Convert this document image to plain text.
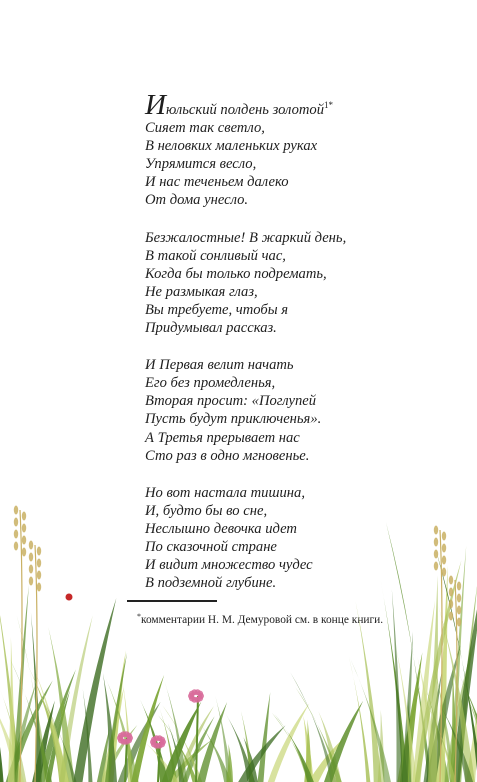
Июльский полдень золотой$^{1*}$
Сияет так светло,
В неловких маленьких руках
Упрямится весло,
И нас теченьем далеко
От дома унесло.
Безжалостные! В жаркий день,
В такой сонливый час,
Когда бы только подремать,
Не размыкая глаз,
Вы требуете, чтобы я
Придумывал рассказ.
И Первая велит начать
Его без промедленья,
Вторая просит: «Поглупей
Пусть будут приключенья».
А Третья прерывает нас
Сто раз в одно мгновенье.
Но вот настала тишина,
И, будто бы во сне,
Неслышно девочка идет
По сказочной стране
И видит множество чудес
В подземной глубине.
*комментарии Н. М. Демуровой см. в конце книги.
